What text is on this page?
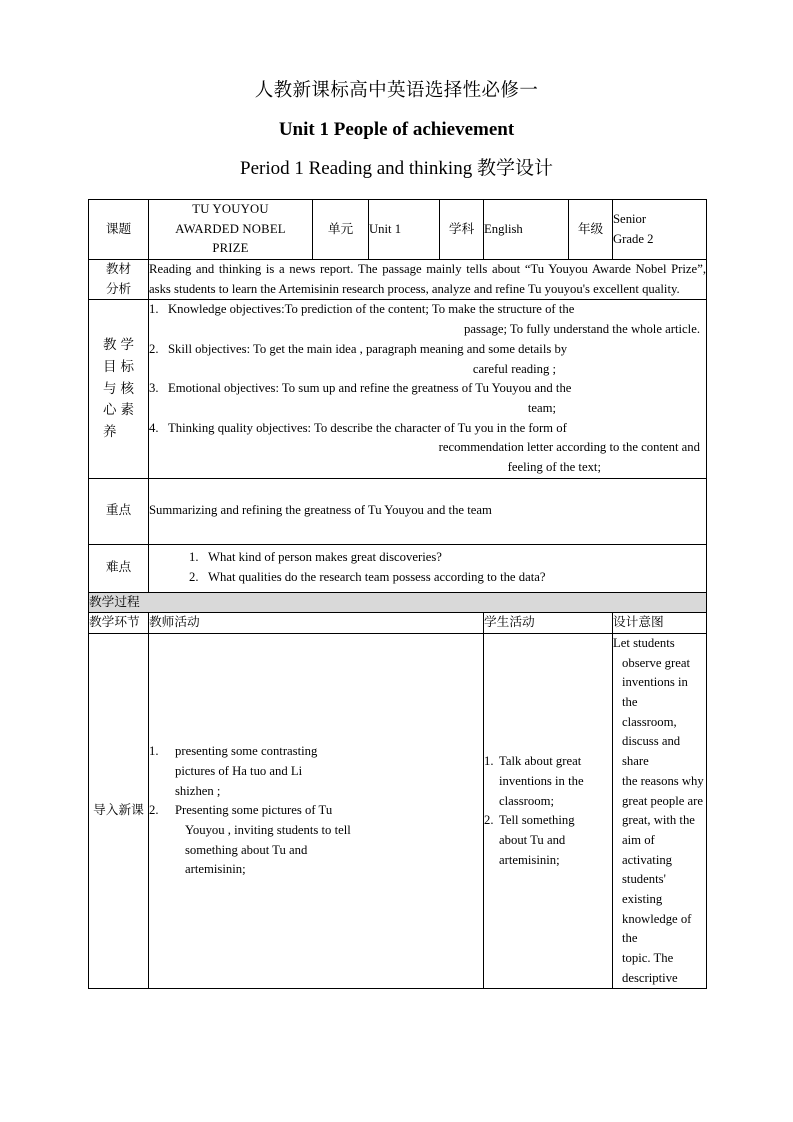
人教新课标高中英语选择性必修一
Unit 1 People of achievement
Period 1 Reading and thinking 教学设计
课题	TU YOUYOU
AWARDED NOBEL
PRIZE	单元	Unit 1	学科	English	年级	Senior
Grade 2
教材
分析	Reading and thinking is a news report. The passage mainly tells about “Tu Youyou Awarde Nobel Prize”, asks students to learn the Artemisinin research process, analyze and refine Tu youyou's excellent quality.						

教 学
目 标
与 核
心 素
养

1. Knowledge objectives:To prediction of the content; To make the structure of the
passage; To fully understand the whole article.
2. Skill objectives: To get the main idea , paragraph meaning and some details by
careful reading ;
3. Emotional objectives: To sum up and refine the greatness of Tu Youyou and the
team;
4. Thinking quality objectives: To describe the character of Tu you in the form of
recommendation letter according to the content and
feeling of the text;

重点	Summarizing and refining the greatness of Tu Youyou and the team						
难点	1. What kind of person makes great discoveries?
2. What qualities do the research team possess according to the data?						

教学过程							
教学环节	教师活动				学生活动		设计意图
导入新课	
1.	presenting some contrasting
pictures of Ha tuo and Li
shizhen ;
2.	Presenting some pictures of Tu
Youyou , inviting students to tell
something about Tu and
artemisinin;

1. Talk about great
inventions in the
classroom;
2. Tell something
about Tu and
artemisinin;

Let students
observe great
inventions in the
classroom,
discuss and share
the reasons why
great people are
great, with the
aim of activating
students' existing
knowledge of the
topic. The
descriptive
